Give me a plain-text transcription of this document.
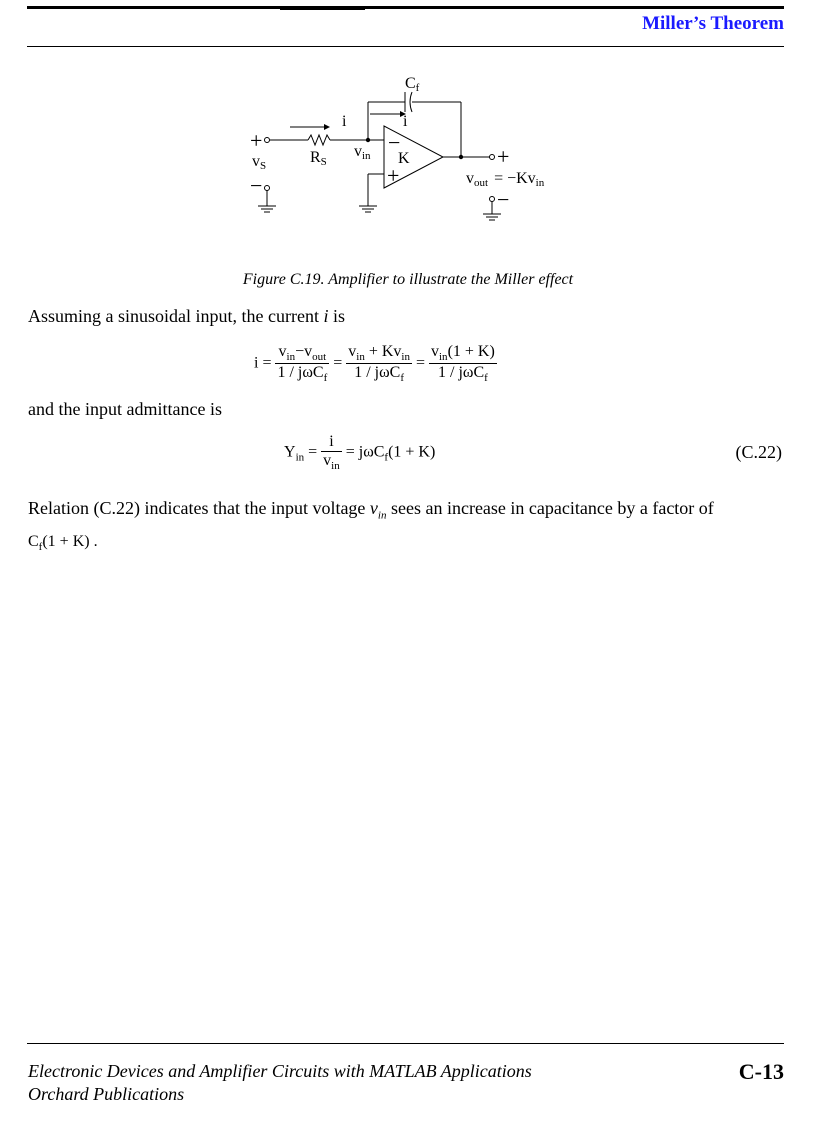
Miller’s Theorem
Cf
i	i
+
−
vS	RS
vin
−
+
K	+
−
vout = −Kvin
Figure C.19. Amplifier to illustrate the Miller effect
Assuming a sinusoidal input, the current i is
$i = \frac{v_{in}-v_{out}}{1 / j\omega C_f} = \frac{v_{in} + Kv_{in}}{1 / j\omega C_f} = \frac{v_{in}(1 + K)}{1 / j\omega C_f}$
and the input admittance is
$Y_{in} = \frac{i}{v_{in}} = j\omega C_f(1 + K)$	(C.22)
Relation (C.22) indicates that the input voltage $v_{in}$ sees an increase in capacitance by a factor of
$C_f(1 + K)$ .
Electronic Devices and Amplifier Circuits with MATLAB Applications
Orchard Publications
C-13
